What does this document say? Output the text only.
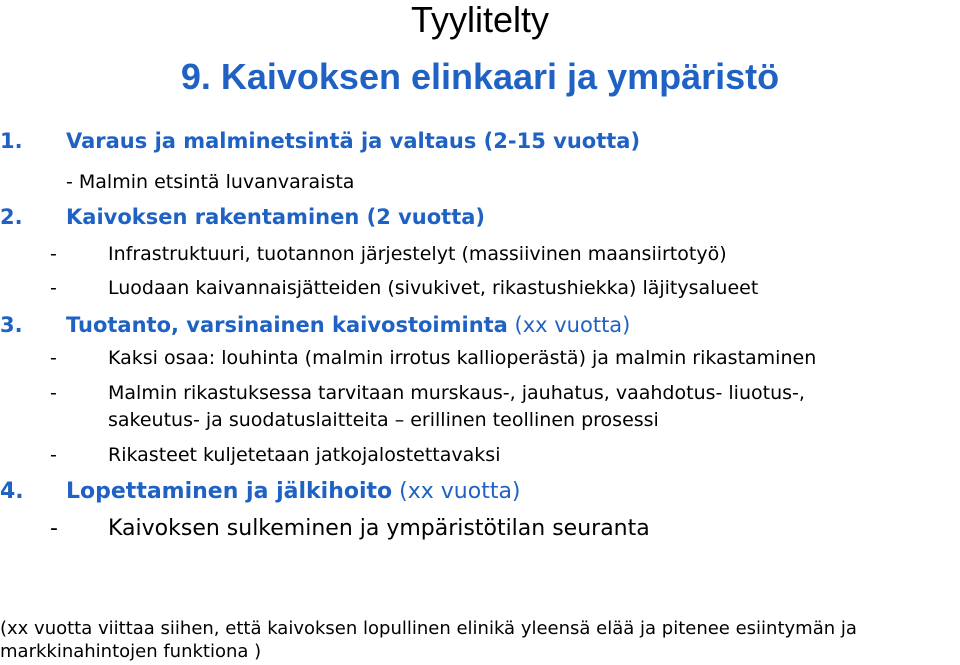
Tyylitelty
9. Kaivoksen elinkaari ja ympäristö
1. Varaus ja malminetsintä ja valtaus (2-15 vuotta)
- Malmin etsintä luvanvaraista
2. Kaivoksen rakentaminen (2 vuotta)
-	Infrastruktuuri, tuotannon järjestelyt (massiivinen maansiirtotyö)
-	Luodaan kaivannaisjätteiden (sivukivet, rikastushiekka) läjitysalueet
3. Tuotanto, varsinainen kaivostoiminta (xx vuotta)
-	Kaksi osaa: louhinta (malmin irrotus kallioperästä) ja malmin rikastaminen
-	Malmin rikastuksessa tarvitaan murskaus-, jauhatus, vaahdotus- liuotus-,
sakeutus- ja suodatuslaitteita – erillinen teollinen prosessi
-	Rikasteet kuljetetaan jatkojalostettavaksi
4. Lopettaminen ja jälkihoito (xx vuotta)
- Kaivoksen sulkeminen ja ympäristötilan seuranta
(xx vuotta viittaa siihen, että kaivoksen lopullinen elinikä yleensä elää ja pitenee esiintymän ja
markkinahintojen funktiona )
